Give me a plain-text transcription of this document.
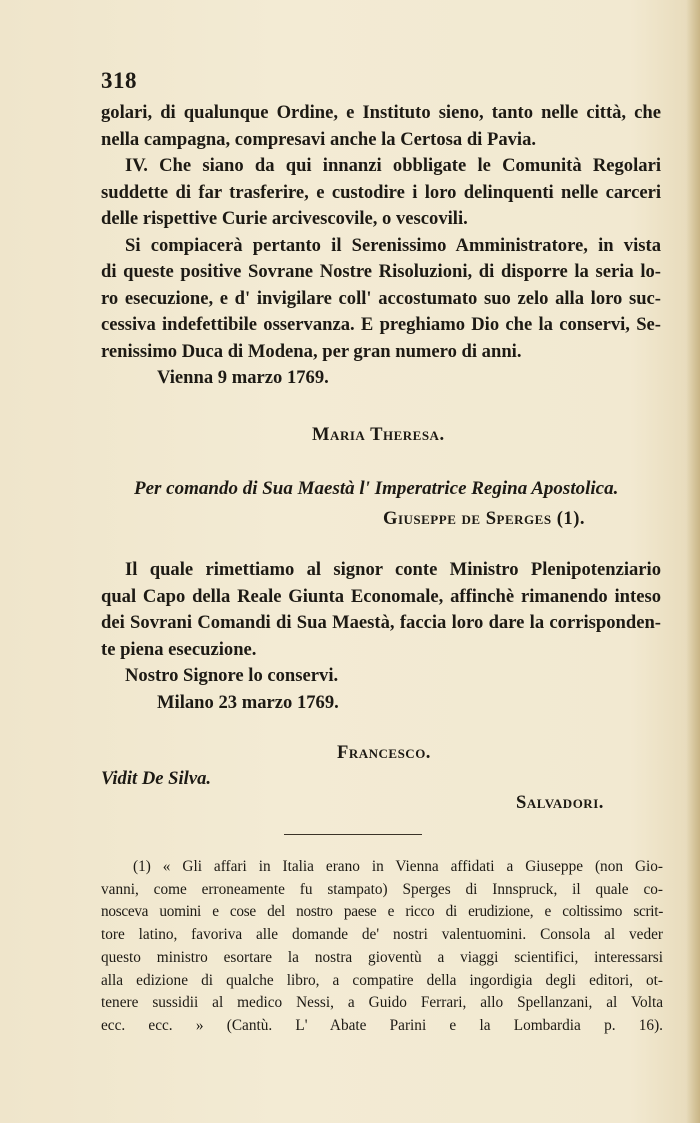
318
golari, di qualunque Ordine, e Instituto sieno, tanto nelle città, che
nella campagna, compresavi anche la Certosa di Pavia.
IV. Che siano da qui innanzi obbligate le Comunità Regolari
suddette di far trasferire, e custodire i loro delinquenti nelle carceri
delle rispettive Curie arcivescovile, o vescovili.
Si compiacerà pertanto il Serenissimo Amministratore, in vista
di queste positive Sovrane Nostre Risoluzioni, di disporre la seria lo-
ro esecuzione, e d' invigilare coll' accostumato suo zelo alla loro suc-
cessiva indefettibile osservanza. E preghiamo Dio che la conservi, Se-
renissimo Duca di Modena, per gran numero di anni.
Vienna 9 marzo 1769.
Maria Theresa.
Per comando di Sua Maestà l' Imperatrice Regina Apostolica.
Giuseppe de Sperges (1).
Il quale rimettiamo al signor conte Ministro Plenipotenziario
qual Capo della Reale Giunta Economale, affinchè rimanendo inteso
dei Sovrani Comandi di Sua Maestà, faccia loro dare la corrisponden-
te piena esecuzione.
Nostro Signore lo conservi.
Milano 23 marzo 1769.
Francesco.
Vidit De Silva.
Salvadori.
(1) « Gli affari in Italia erano in Vienna affidati a Giuseppe (non Gio-
vanni, come erroneamente fu stampato) Sperges di Innspruck, il quale co-
nosceva uomini e cose del nostro paese e ricco di erudizione, e coltissimo scrit-
tore latino, favoriva alle domande de' nostri valentuomini. Consola al veder
questo ministro esortare la nostra gioventù a viaggi scientifici, interessarsi
alla edizione di qualche libro, a compatire della ingordigia degli editori, ot-
tenere sussidii al medico Nessi, a Guido Ferrari, allo Spellanzani, al Volta
ecc. ecc. » (Cantù. L' Abate Parini e la Lombardia p. 16).
